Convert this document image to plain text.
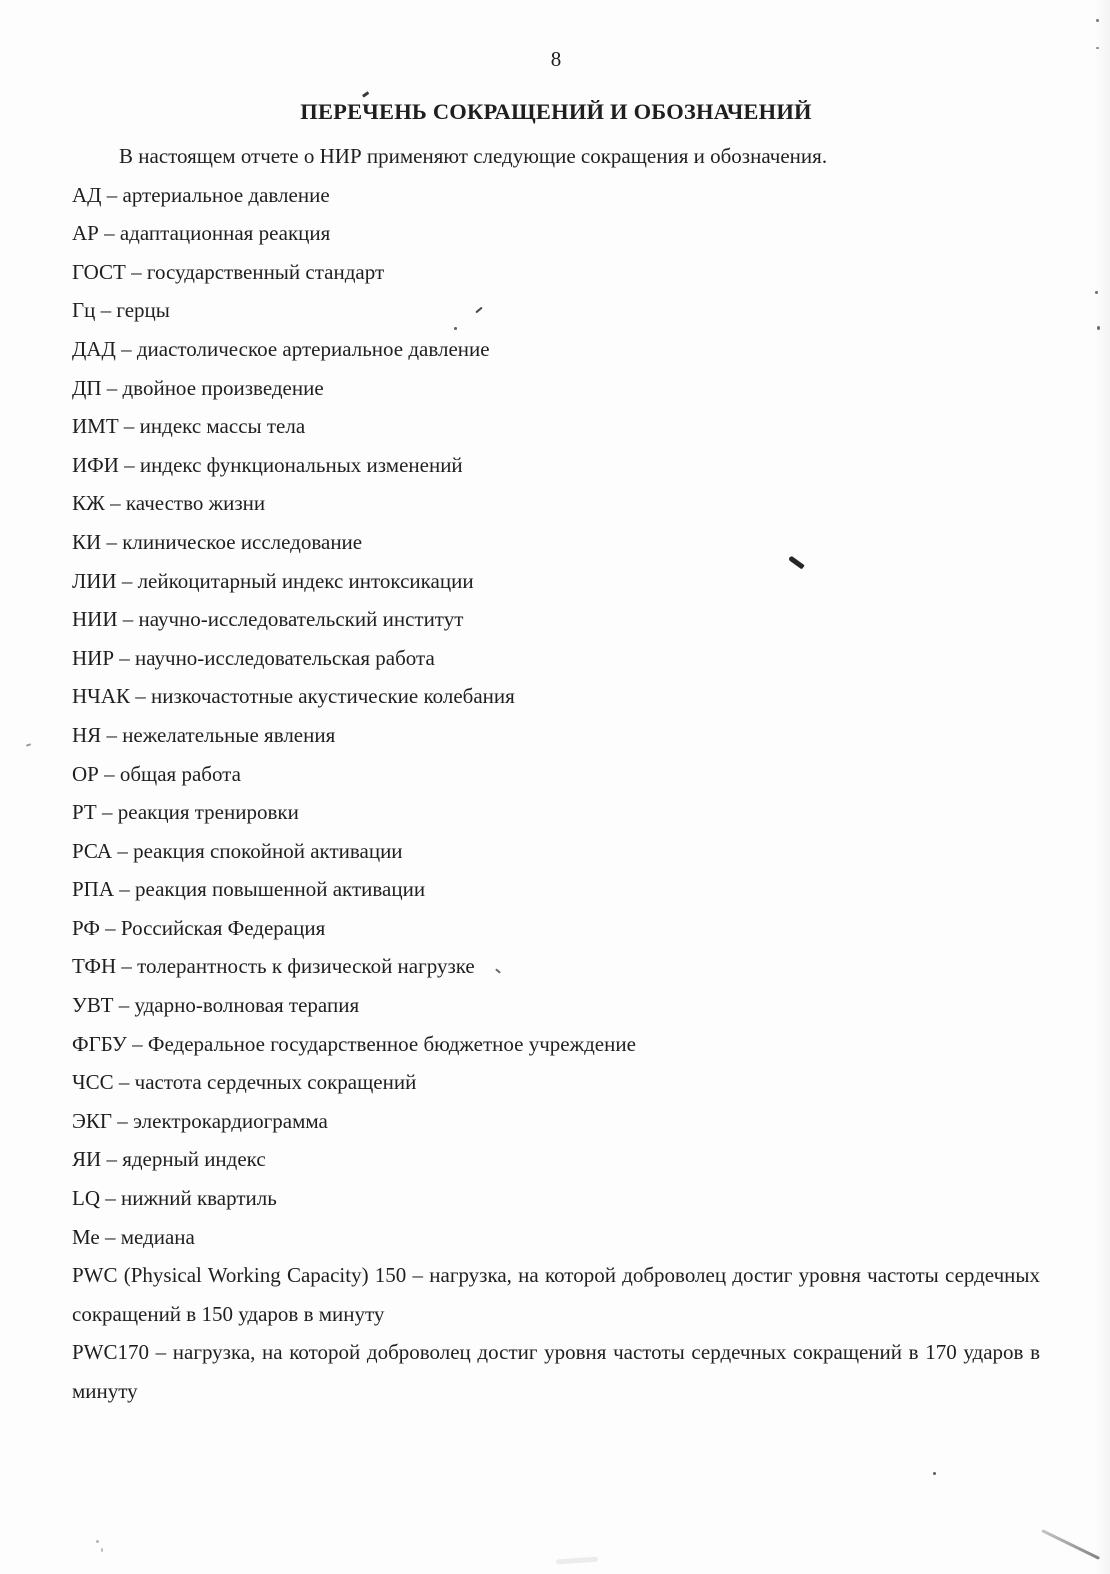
8
ПЕРЕЧЕНЬ СОКРАЩЕНИЙ И ОБОЗНАЧЕНИЙ

В настоящем отчете о НИР применяют следующие сокращения и обозначения.

АД – артериальное давление
АР – адаптационная реакция
ГОСТ – государственный стандарт
Гц – герцы
ДАД – диастолическое артериальное давление
ДП – двойное произведение
ИМТ – индекс массы тела
ИФИ – индекс функциональных изменений
КЖ – качество жизни
КИ – клиническое исследование
ЛИИ – лейкоцитарный индекс интоксикации
НИИ – научно-исследовательский институт
НИР – научно-исследовательская работа
НЧАК – низкочастотные акустические колебания
НЯ – нежелательные явления
ОР – общая работа
РТ – реакция тренировки
РСА – реакция спокойной активации
РПА – реакция повышенной активации
РФ – Российская Федерация
ТФН – толерантность к физической нагрузке
УВТ – ударно-волновая терапия
ФГБУ – Федеральное государственное бюджетное учреждение
ЧСС – частота сердечных сокращений
ЭКГ – электрокардиограмма
ЯИ – ядерный индекс
LQ – нижний квартиль
Ме – медиана

PWC (Physical Working Capacity) 150 – нагрузка, на которой доброволец достиг уровня частоты сердечных сокращений в 150 ударов в минуту

PWC170 – нагрузка, на которой доброволец достиг уровня частоты сердечных сокращений в 170 ударов в минуту
